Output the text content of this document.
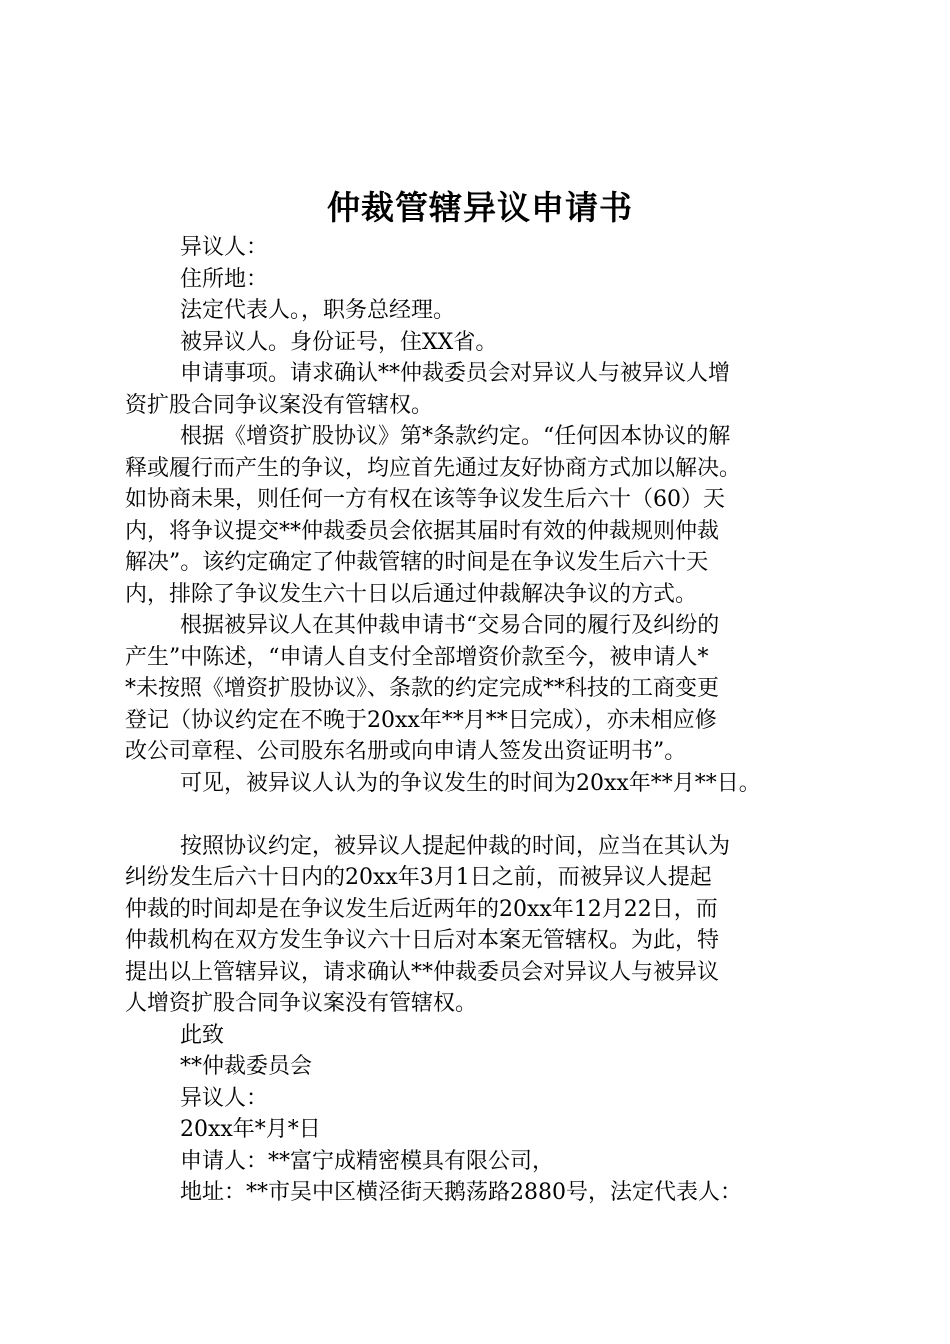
仲裁管辖异议申请书
异议人：
住所地：
法定代表人。，职务总经理。
被异议人。身份证号，住XX省。
申请事项。请求确认**仲裁委员会对异议人与被异议人增
资扩股合同争议案没有管辖权。
根据《增资扩股协议》第*条款约定。“任何因本协议的解
释或履行而产生的争议，均应首先通过友好协商方式加以解决。
如协商未果，则任何一方有权在该等争议发生后六十（60）天
内，将争议提交**仲裁委员会依据其届时有效的仲裁规则仲裁
解决”。该约定确定了仲裁管辖的时间是在争议发生后六十天
内，排除了争议发生六十日以后通过仲裁解决争议的方式。
根据被异议人在其仲裁申请书“交易合同的履行及纠纷的
产生”中陈述，“申请人自支付全部增资价款至今，被申请人*
*未按照《增资扩股协议》、条款的约定完成**科技的工商变更
登记（协议约定在不晚于20xx年**月**日完成），亦未相应修
改公司章程、公司股东名册或向申请人签发出资证明书”。
可见，被异议人认为的争议发生的时间为20xx年**月**日。
按照协议约定，被异议人提起仲裁的时间，应当在其认为
纠纷发生后六十日内的20xx年3月1日之前，而被异议人提起
仲裁的时间却是在争议发生后近两年的20xx年12月22日，而
仲裁机构在双方发生争议六十日后对本案无管辖权。为此，特
提出以上管辖异议，请求确认**仲裁委员会对异议人与被异议
人增资扩股合同争议案没有管辖权。
此致
**仲裁委员会
异议人：
20xx年*月*日
申请人：**富宁成精密模具有限公司，
地址：**市吴中区横泾街天鹅荡路2880号，法定代表人：
